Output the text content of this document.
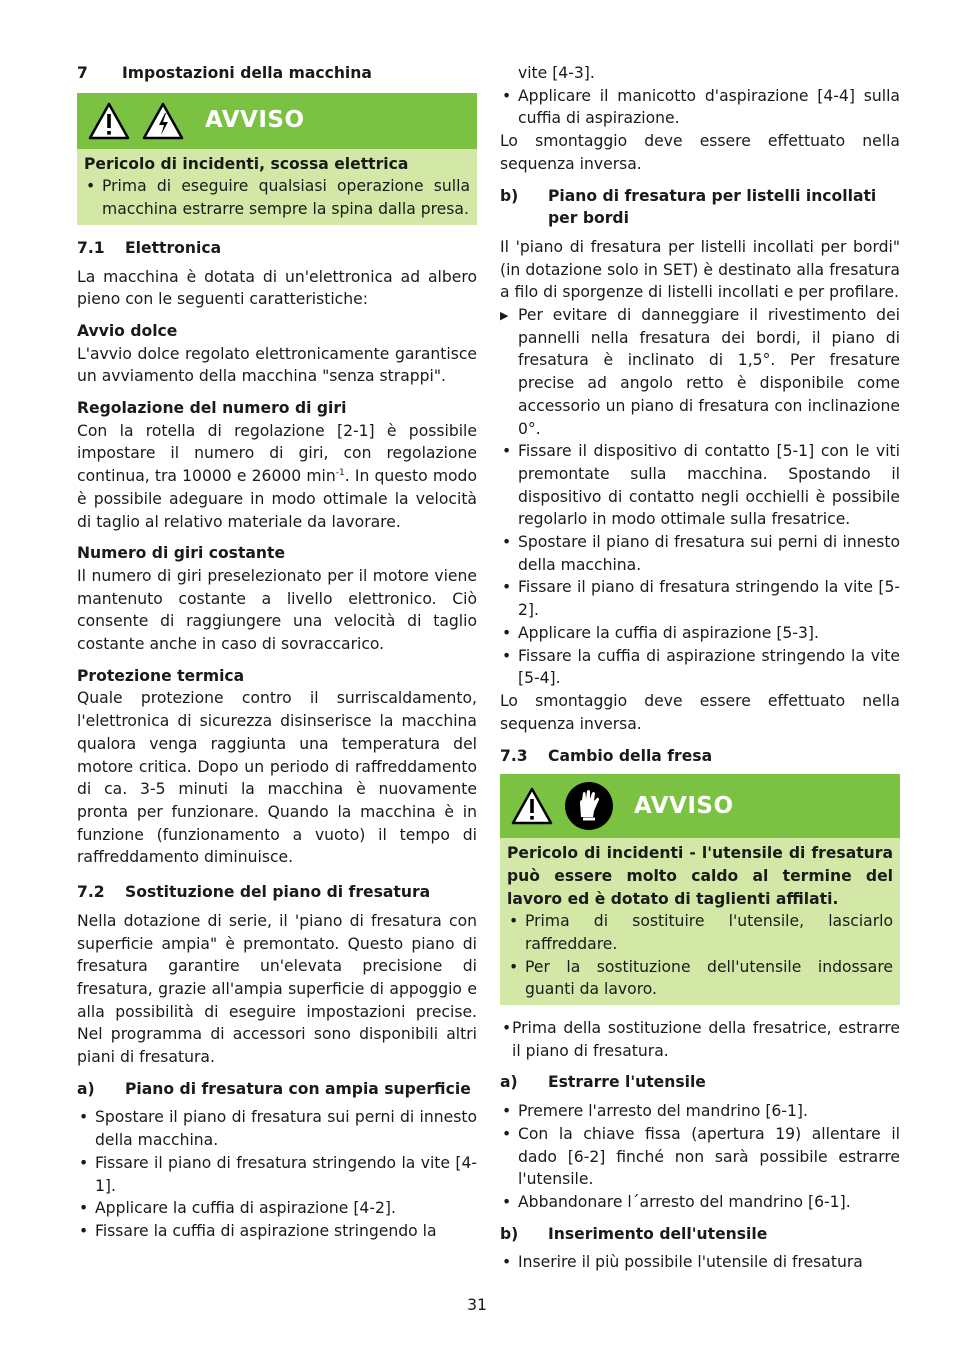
7	Impostazioni della macchina
AVVISO
Pericolo di incidenti, scossa elettrica
• Prima di eseguire qualsiasi operazione sulla macchina estrarre sempre la spina dalla presa.
7.1	Elettronica

La macchina è dotata di un'elettronica ad albero pieno con le seguenti caratteristiche:

Avvio dolce

L'avvio dolce regolato elettronicamente garantisce un avviamento della macchina "senza strappi".

Regolazione del numero di giri

Con la rotella di regolazione [2-1] è possibile impostare il numero di giri, con regolazione continua, tra 10000 e 26000 $\min^{-1}$. In questo modo è possibile adeguare in modo ottimale la velocità di taglio al relativo materiale da lavorare.

Numero di giri costante

Il numero di giri preselezionato per il motore viene mantenuto costante a livello elettronico. Ciò consente di raggiungere una velocità di taglio costante anche in caso di sovraccarico.

Protezione termica

Quale protezione contro il surriscaldamento, l'elettronica di sicurezza disinserisce la macchina qualora venga raggiunta una temperatura del motore critica. Dopo un periodo di raffreddamento di ca. 3-5 minuti la macchina è nuovamente pronta per funzionare. Quando la macchina è in funzione (funzionamento a vuoto) il tempo di raffreddamento diminuisce.

7.2	Sostituzione del piano di fresatura

Nella dotazione di serie, il 'piano di fresatura con superficie ampia" è premontato. Questo piano di fresatura garantire un'elevata precisione di fresatura, grazie all'ampia superficie di appoggio e alla possibilità di eseguire impostazioni precise. Nel programma di accessori sono disponibili altri piani di fresatura.

a)	Piano di fresatura con ampia superficie
• Spostare il piano di fresatura sui perni di innesto della macchina.
• Fissare il piano di fresatura stringendo la vite [4-1].
• Applicare la cuffia di aspirazione [4-2].
• Fissare la cuffia di aspirazione stringendo la
vite [4-3].
• Applicare il manicotto d'aspirazione [4-4] sulla cuffia di aspirazione.

Lo smontaggio deve essere effettuato nella sequenza inversa.

b)	Piano di fresatura per listelli incollati per bordi

Il 'piano di fresatura per listelli incollati per bordi" (in dotazione solo in SET) è destinato alla fresatura a filo di sporgenze di listelli incollati e per profilare.

▶ Per evitare di danneggiare il rivestimento dei pannelli nella fresatura dei bordi, il piano di fresatura è inclinato di 1,5°. Per fresature precise ad angolo retto è disponibile come accessorio un piano di fresatura con inclinazione 0°.
• Fissare il dispositivo di contatto [5-1] con le viti premontate sulla macchina. Spostando il dispositivo di contatto negli occhielli è possibile regolarlo in modo ottimale sulla fresatrice.
• Spostare il piano di fresatura sui perni di innesto della macchina.
• Fissare il piano di fresatura stringendo la vite [5-2].
• Applicare la cuffia di aspirazione [5-3].
• Fissare la cuffia di aspirazione stringendo la vite [5-4].

Lo smontaggio deve essere effettuato nella sequenza inversa.

7.3	Cambio della fresa
AVVISO
Pericolo di incidenti - l'utensile di fresatura può essere molto caldo al termine del lavoro ed è dotato di taglienti affilati.
• Prima di sostituire l'utensile, lasciarlo raffreddare.
• Per la sostituzione dell'utensile indossare guanti da lavoro.
• Prima della sostituzione della fresatrice, estrarre il piano di fresatura.
a)	Estrarre l'utensile
• Premere l'arresto del mandrino [6-1].
• Con la chiave fissa (apertura 19) allentare il dado [6-2] finché non sarà possibile estrarre l'utensile.
• Abbandonare l´arresto del mandrino [6-1].
b)	Inserimento dell'utensile
• Inserire il più possibile l'utensile di fresatura
31
